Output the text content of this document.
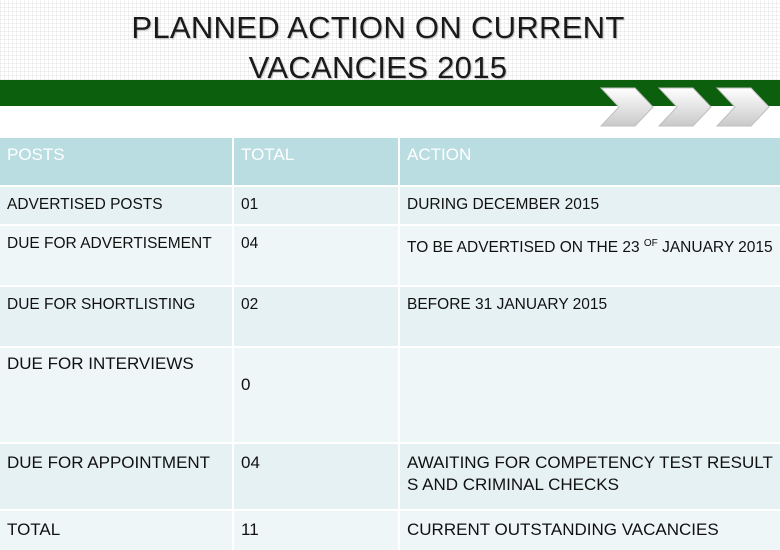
PLANNED ACTION ON CURRENT
VACANCIES 2015
POSTS	TOTAL	ACTION
ADVERTISED POSTS	01	DURING DECEMBER 2015
DUE FOR ADVERTISEMENT	04	TO BE ADVERTISED ON THE 23 $^{OF}$ JANUARY 2015
DUE FOR SHORTLISTING	02	BEFORE 31 JANUARY 2015
DUE FOR INTERVIEWS	0	
DUE FOR APPOINTMENT	04	AWAITING FOR COMPETENCY TEST RESULT S AND CRIMINAL CHECKS
TOTAL	11	CURRENT OUTSTANDING VACANCIES
